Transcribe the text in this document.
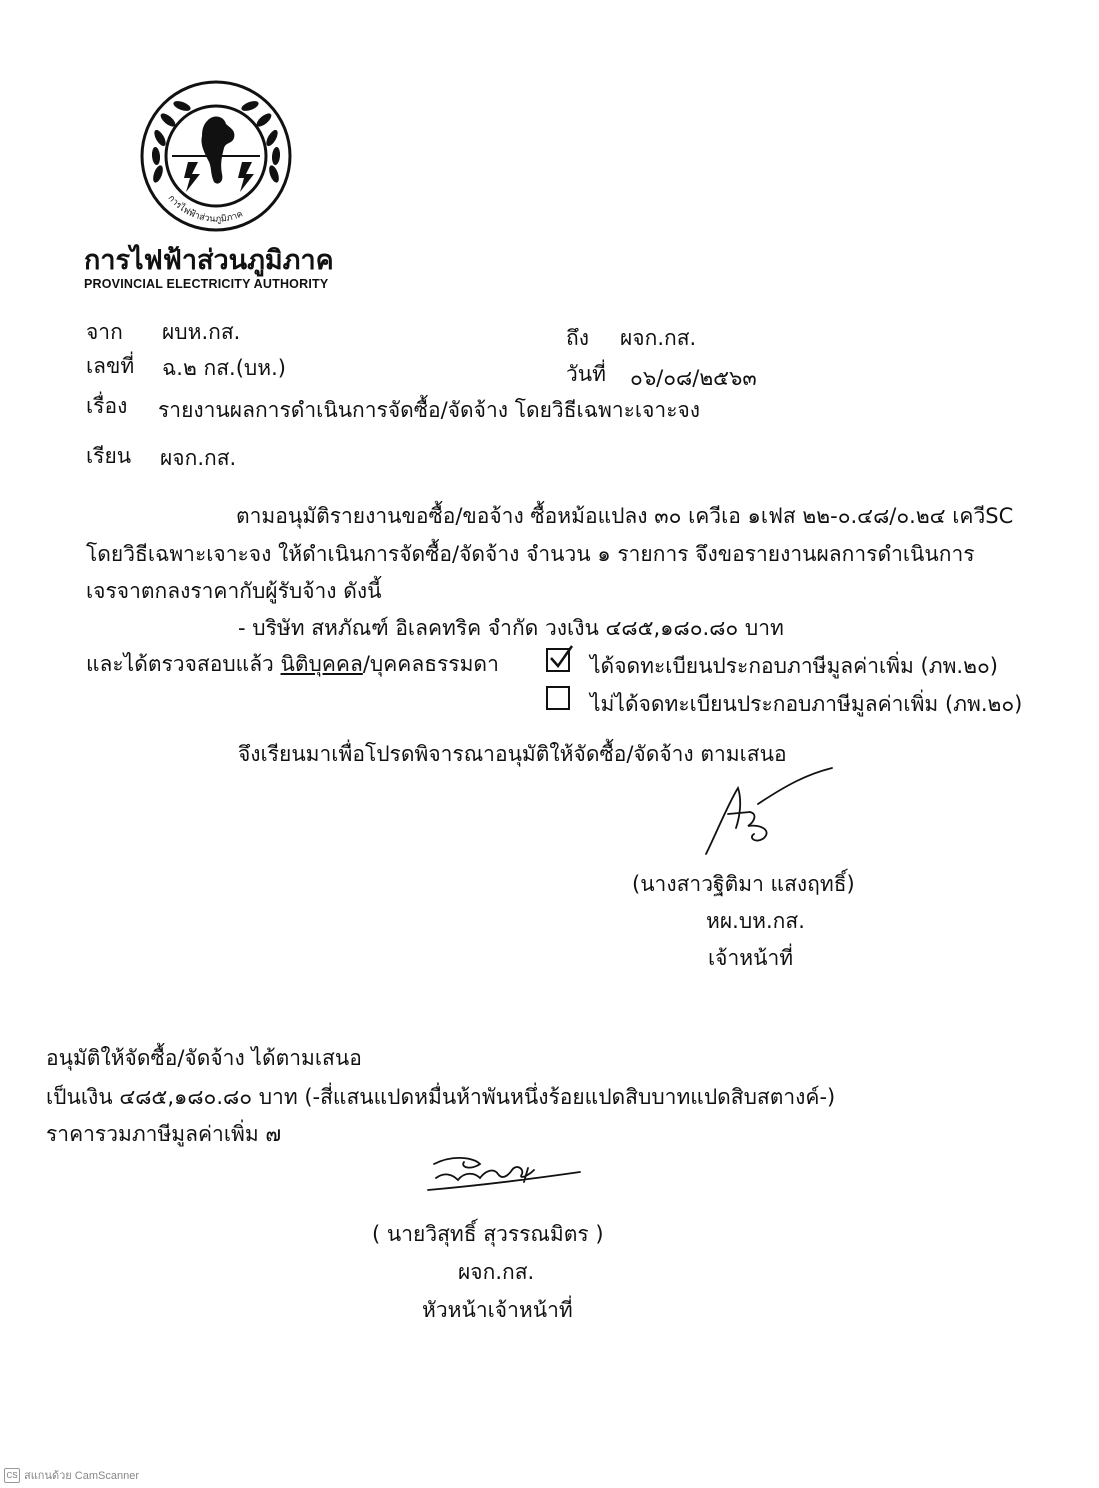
การไฟฟ้าส่วนภูมิภาค
การไฟฟ้าส่วนภูมิภาค
PROVINCIAL ELECTRICITY AUTHORITY
จาก ผบห.กส.	ถึง ผจก.กส.
เลขที่ ฉ.๒ กส.(บห.)	วันที่ ๐๖/๐๘/๒๕๖๓
เรื่อง รายงานผลการดำเนินการจัดซื้อ/จัดจ้าง โดยวิธีเฉพาะเจาะจง
เรียน ผจก.กส.
ตามอนุมัติรายงานขอซื้อ/ขอจ้าง ซื้อหม้อแปลง ๓๐ เควีเอ ๑เฟส ๒๒-๐.๔๘/๐.๒๔ เควีSC
โดยวิธีเฉพาะเจาะจง ให้ดำเนินการจัดซื้อ/จัดจ้าง จำนวน ๑ รายการ จึงขอรายงานผลการดำเนินการ
เจรจาตกลงราคากับผู้รับจ้าง ดังนี้
- บริษัท สหภัณฑ์ อิเลคทริค จำกัด วงเงิน ๔๘๕,๑๘๐.๘๐ บาท
และได้ตรวจสอบแล้ว นิติบุคคล/บุคคลธรรมดา	ได้จดทะเบียนประกอบภาษีมูลค่าเพิ่ม (ภพ.๒๐)
ไม่ได้จดทะเบียนประกอบภาษีมูลค่าเพิ่ม (ภพ.๒๐)
จึงเรียนมาเพื่อโปรดพิจารณาอนุมัติให้จัดซื้อ/จัดจ้าง ตามเสนอ
(นางสาวฐิติมา แสงฤทธิ์)
หผ.บห.กส.
เจ้าหน้าที่
อนุมัติให้จัดซื้อ/จัดจ้าง ได้ตามเสนอ
เป็นเงิน ๔๘๕,๑๘๐.๘๐ บาท (-สี่แสนแปดหมื่นห้าพันหนึ่งร้อยแปดสิบบาทแปดสิบสตางค์-)
ราคารวมภาษีมูลค่าเพิ่ม ๗
( นายวิสุทธิ์ สุวรรณมิตร )
ผจก.กส.
หัวหน้าเจ้าหน้าที่
CS สแกนด้วย CamScanner
